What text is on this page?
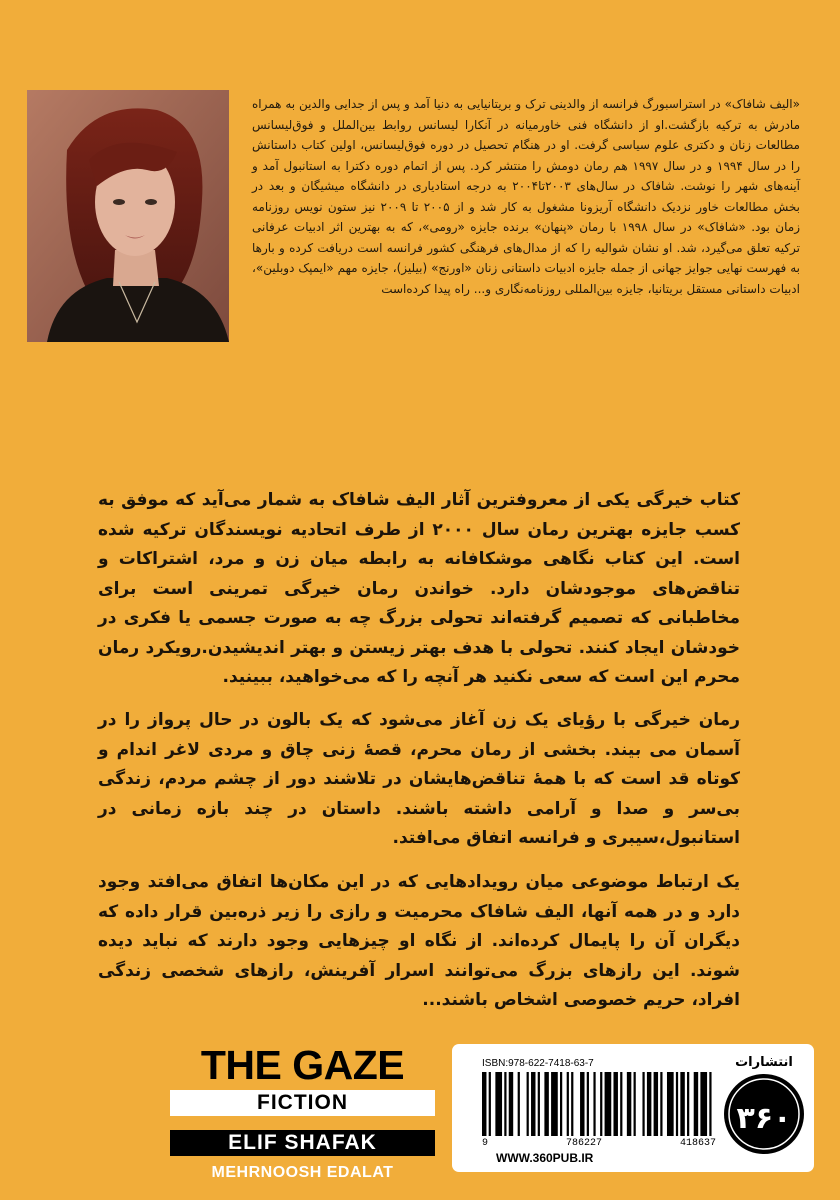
«الیف شافاک» در استراسبورگ فرانسه از والدینی ترک و بریتانیایی به دنیا آمد و پس از جدایی والدین به همراه مادرش به ترکیه بازگشت.او از دانشگاه فنی خاورمیانه در آنکارا لیسانس روابط بین‌الملل و فوق‌لیسانس مطالعات زنان و دکتری علوم سیاسی گرفت. او در هنگام تحصیل در دوره فوق‌لیسانس، اولین کتاب داستانش را در سال ۱۹۹۴ و در سال ۱۹۹۷ هم رمان دومش را منتشر کرد. پس از اتمام دوره دکترا به استانبول آمد و آینه‌های شهر را نوشت. شافاک در سال‌های ۲۰۰۳تا۲۰۰۴ به درجه استادیاری در دانشگاه میشیگان و بعد در بخش مطالعات خاور نزدیک دانشگاه آریزونا مشغول به کار شد و از ۲۰۰۵ تا ۲۰۰۹ نیز ستون نویس روزنامه زمان بود. «شافاک» در سال ۱۹۹۸ با رمان «پنهان» برنده جایزه «رومی»، که به بهترین اثر ادبیات عرفانی ترکیه تعلق می‌گیرد، شد. او نشان شوالیه را که از مدال‌های فرهنگی کشور فرانسه است دریافت کرده و بارها به فهرست نهایی جوایز جهانی از جمله جایزه ادبیات داستانی زنان «اورنج» (بیلیز)، جایزه مهم «ایمپک دوبلین»، ادبیات داستانی مستقل بریتانیا، جایزه بین‌المللی روزنامه‌نگاری و... راه پیدا کرده‌است
کتاب خیرگی یکی از معروفترین آثار الیف شافاک به شمار می‌آید که موفق به کسب جایزه بهترین رمان سال ۲۰۰۰ از طرف اتحادیه نویسندگان ترکیه شده است. این کتاب نگاهی موشکافانه به رابطه میان زن و مرد، اشتراکات و تناقض‌های موجودشان دارد. خواندن رمان خیرگی تمرینی است برای مخاطبانی که تصمیم گرفته‌اند تحولی بزرگ چه به صورت جسمی یا فکری در خودشان ایجاد کنند. تحولی با هدف بهتر زیستن و بهتر اندیشیدن.رویکرد رمان محرم این است که سعی نکنید هر آنچه را که می‌خواهید، ببینید.
رمان خیرگی با رؤیای یک زن آغاز می‌شود که یک بالون در حال پرواز را در آسمان می بیند. بخشی از رمان محرم، قصهٔ زنی چاق و مردی لاغر اندام و کوتاه قد است که با همهٔ تناقض‌هایشان در تلاشند دور از چشم مردم، زندگی بی‌سر و صدا و آرامی داشته باشند. داستان در چند بازه زمانی در استانبول،سیبری و فرانسه اتفاق می‌افتد.
یک ارتباط موضوعی میان رویدادهایی که در این مکان‌ها اتفاق می‌افتد وجود دارد و در همه آنها، الیف شافاک محرمیت و رازی را زیر ذره‌بین قرار داده که دیگران آن را پایمال کرده‌اند. از نگاه او چیزهایی وجود دارند که نباید دیده شوند. این رازهای بزرگ می‌توانند اسرار آفرینش، رازهای شخصی زندگی افراد، حریم خصوصی اشخاص باشند...
THE GAZE
FICTION
ELIF SHAFAK
MEHRNOOSH EDALAT
ISBN:978-622-7418-63-7
9	786227	418637
WWW.360PUB.IR
۳۶۰
انتشارات
